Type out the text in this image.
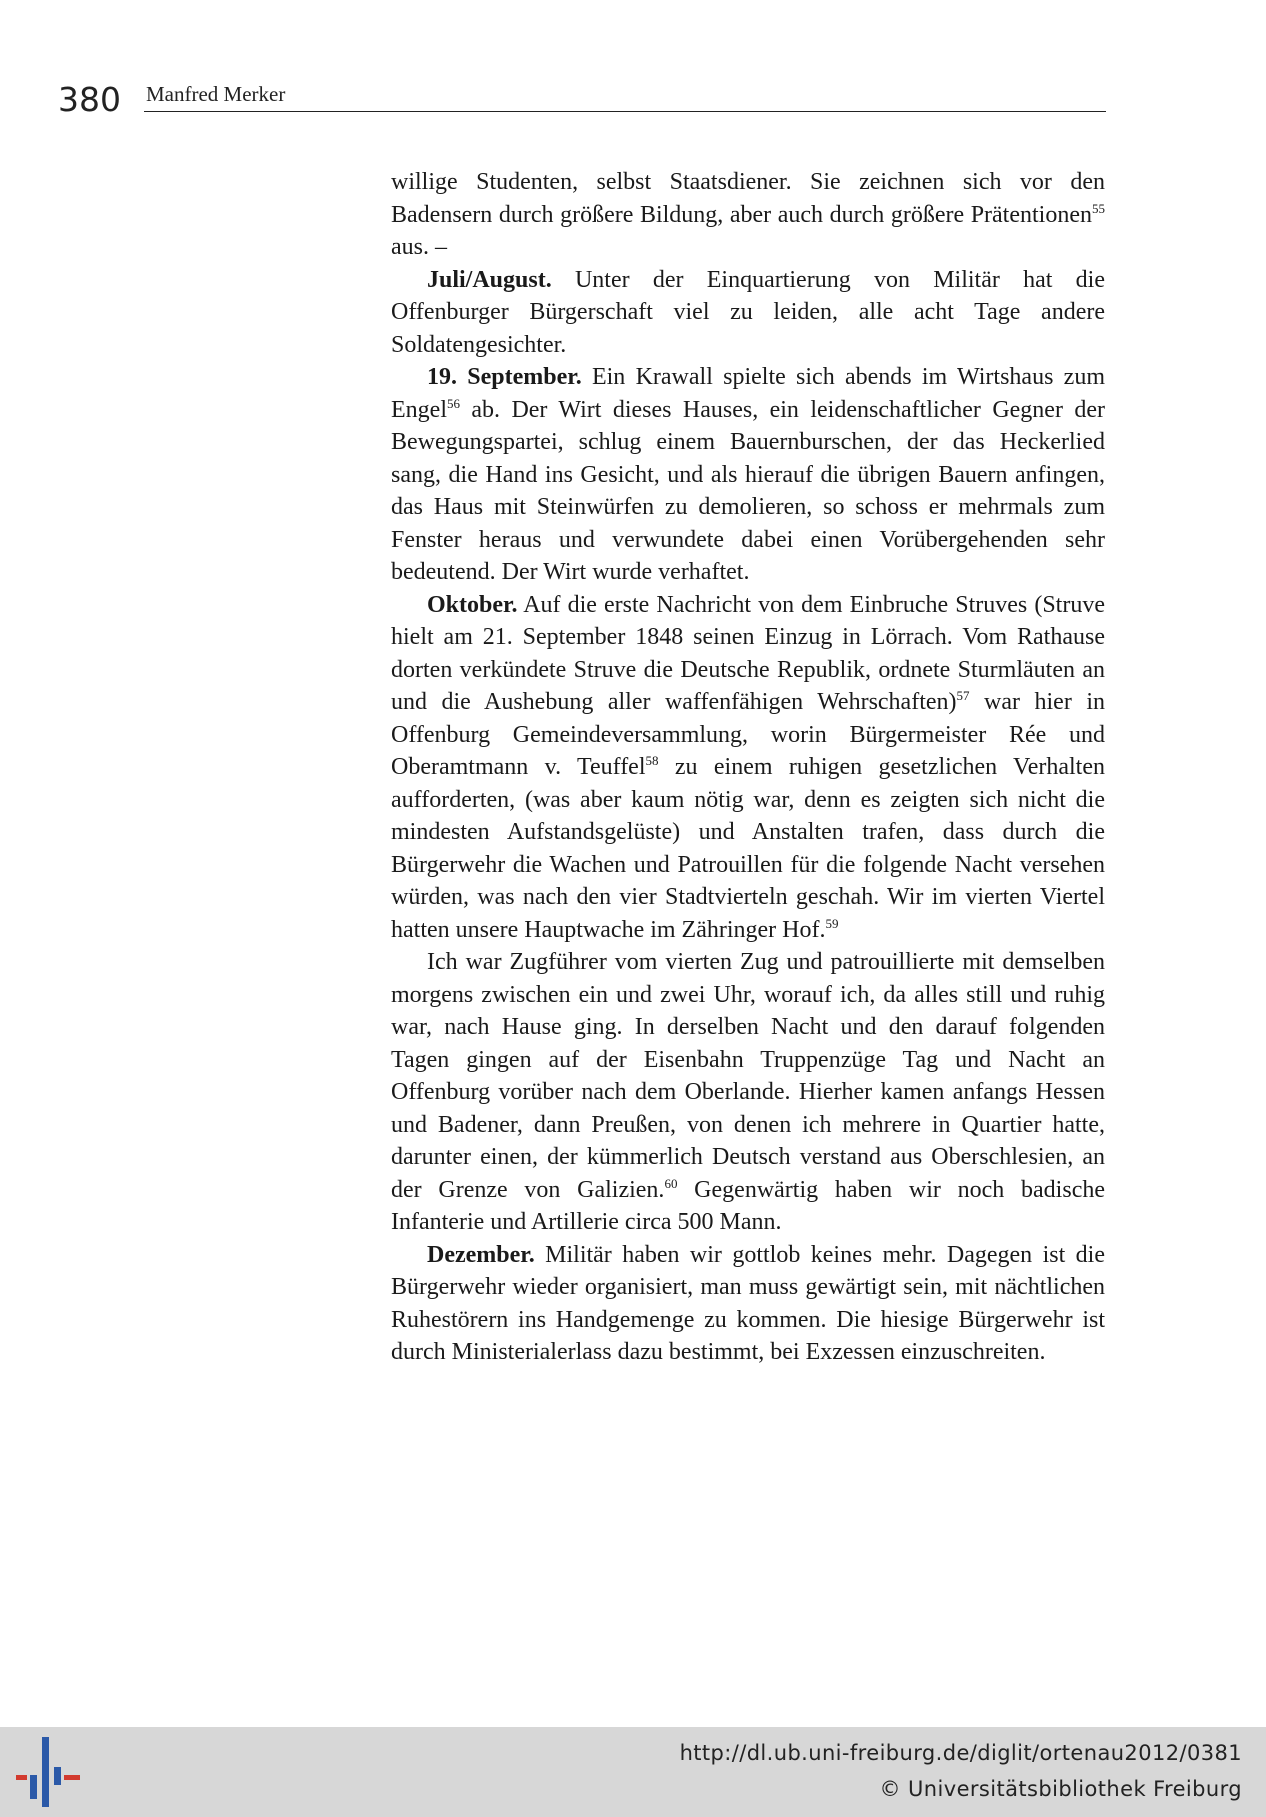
380 Manfred Merker

willige Studenten, selbst Staatsdiener. Sie zeichnen sich vor den Badensern durch größere Bildung, aber auch durch größere Prätentionen$^{55}$ aus. –

Juli/August. Unter der Einquartierung von Militär hat die Offenburger Bürgerschaft viel zu leiden, alle acht Tage andere Soldatengesichter.

19. September. Ein Krawall spielte sich abends im Wirtshaus zum Engel$^{56}$ ab. Der Wirt dieses Hauses, ein leidenschaftlicher Gegner der Bewegungspartei, schlug einem Bauernburschen, der das Heckerlied sang, die Hand ins Gesicht, und als hierauf die übrigen Bauern anfingen, das Haus mit Steinwürfen zu demolieren, so schoss er mehrmals zum Fenster heraus und verwundete dabei einen Vorübergehenden sehr bedeutend. Der Wirt wurde verhaftet.

Oktober. Auf die erste Nachricht von dem Einbruche Struves (Struve hielt am 21. September 1848 seinen Einzug in Lörrach. Vom Rathause dorten verkündete Struve die Deutsche Republik, ordnete Sturmläuten an und die Aushebung aller waffenfähigen Wehrschaften)$^{57}$ war hier in Offenburg Gemeindeversammlung, worin Bürgermeister Rée und Oberamtmann v. Teuffel$^{58}$ zu einem ruhigen gesetzlichen Verhalten aufforderten, (was aber kaum nötig war, denn es zeigten sich nicht die mindesten Aufstandsgelüste) und Anstalten trafen, dass durch die Bürgerwehr die Wachen und Patrouillen für die folgende Nacht versehen würden, was nach den vier Stadtvierteln geschah. Wir im vierten Viertel hatten unsere Hauptwache im Zähringer Hof.$^{59}$

Ich war Zugführer vom vierten Zug und patrouillierte mit demselben morgens zwischen ein und zwei Uhr, worauf ich, da alles still und ruhig war, nach Hause ging. In derselben Nacht und den darauf folgenden Tagen gingen auf der Eisenbahn Truppenzüge Tag und Nacht an Offenburg vorüber nach dem Oberlande. Hierher kamen anfangs Hessen und Badener, dann Preußen, von denen ich mehrere in Quartier hatte, darunter einen, der kümmerlich Deutsch verstand aus Oberschlesien, an der Grenze von Galizien.$^{60}$ Gegenwärtig haben wir noch badische Infanterie und Artillerie circa 500 Mann.

Dezember. Militär haben wir gottlob keines mehr. Dagegen ist die Bürgerwehr wieder organisiert, man muss gewärtigt sein, mit nächtlichen Ruhestörern ins Handgemenge zu kommen. Die hiesige Bürgerwehr ist durch Ministerialerlass dazu bestimmt, bei Exzessen einzuschreiten.

http://dl.ub.uni-freiburg.de/diglit/ortenau2012/0381
© Universitätsbibliothek Freiburg
